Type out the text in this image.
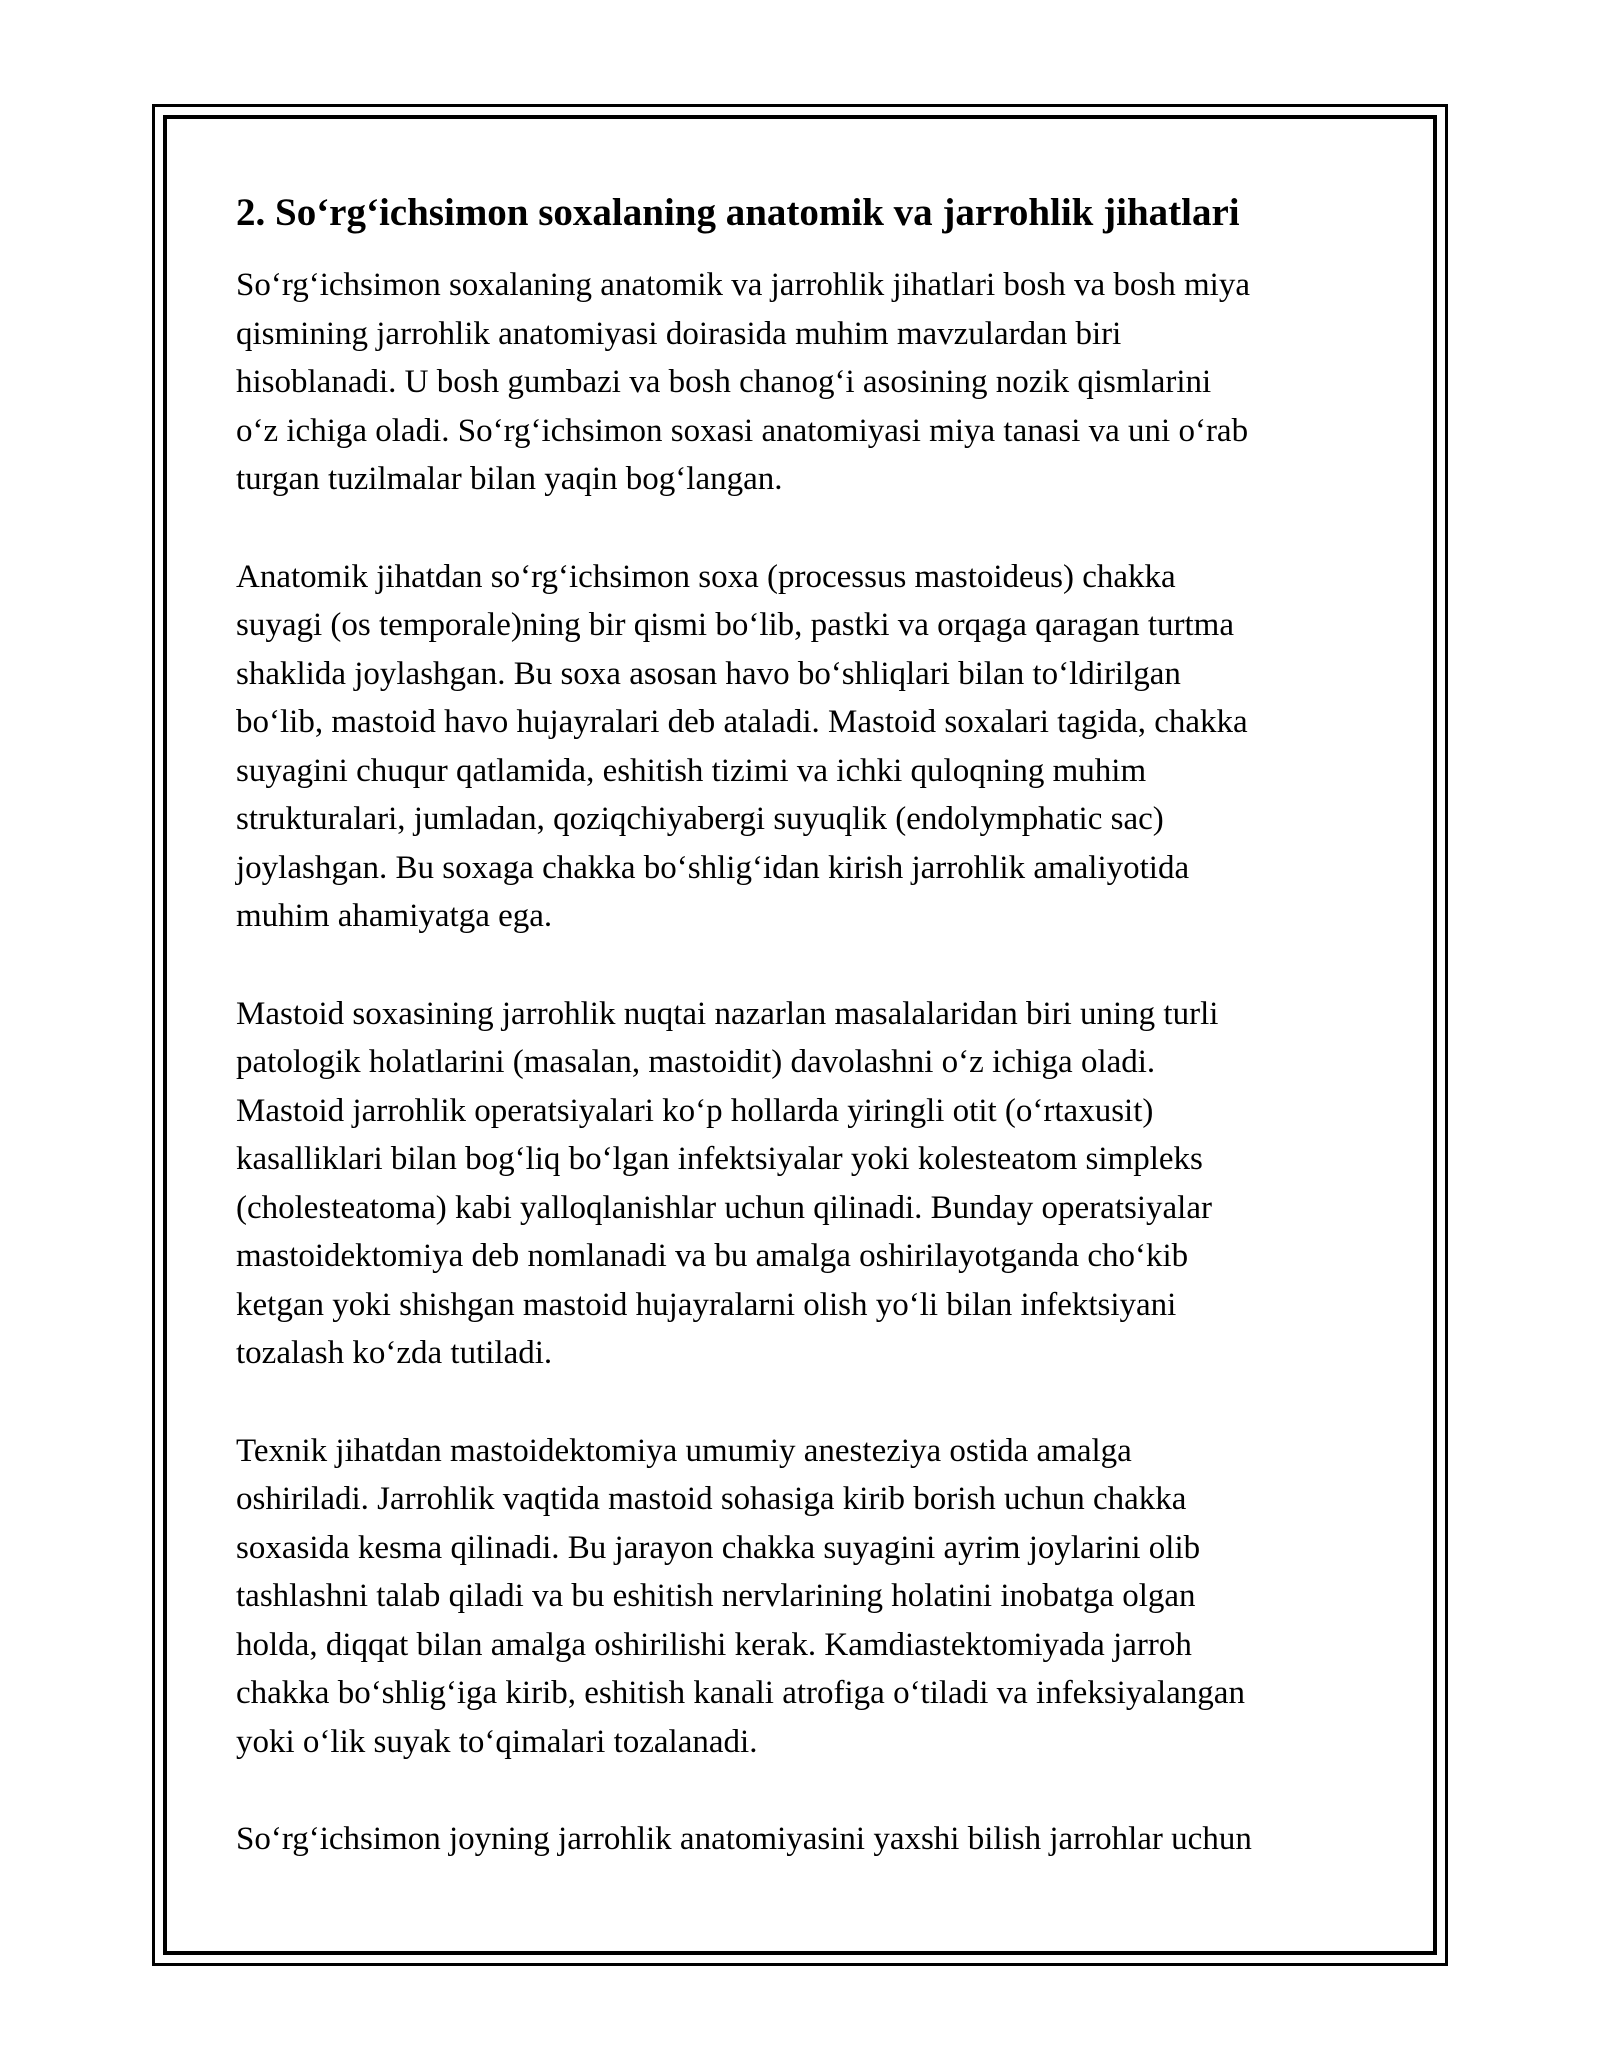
2. So‘rg‘ichsimon soxalaning anatomik va jarrohlik jihatlari
So‘rg‘ichsimon soxalaning anatomik va jarrohlik jihatlari bosh va bosh miya
qismining jarrohlik anatomiyasi doirasida muhim mavzulardan biri
hisoblanadi. U bosh gumbazi va bosh chanog‘i asosining nozik qismlarini
o‘z ichiga oladi. So‘rg‘ichsimon soxasi anatomiyasi miya tanasi va uni o‘rab
turgan tuzilmalar bilan yaqin bog‘langan.
Anatomik jihatdan so‘rg‘ichsimon soxa (processus mastoideus) chakka
suyagi (os temporale)ning bir qismi bo‘lib, pastki va orqaga qaragan turtma
shaklida joylashgan. Bu soxa asosan havo bo‘shliqlari bilan to‘ldirilgan
bo‘lib, mastoid havo hujayralari deb ataladi. Mastoid soxalari tagida, chakka
suyagini chuqur qatlamida, eshitish tizimi va ichki quloqning muhim
strukturalari, jumladan, qoziqchiyabergi suyuqlik (endolymphatic sac)
joylashgan. Bu soxaga chakka bo‘shlig‘idan kirish jarrohlik amaliyotida
muhim ahamiyatga ega.
Mastoid soxasining jarrohlik nuqtai nazarlan masalalaridan biri uning turli
patologik holatlarini (masalan, mastoidit) davolashni o‘z ichiga oladi.
Mastoid jarrohlik operatsiyalari ko‘p hollarda yiringli otit (o‘rtaxusit)
kasalliklari bilan bog‘liq bo‘lgan infektsiyalar yoki kolesteatom simpleks
(cholesteatoma) kabi yalloqlanishlar uchun qilinadi. Bunday operatsiyalar
mastoidektomiya deb nomlanadi va bu amalga oshirilayotganda cho‘kib
ketgan yoki shishgan mastoid hujayralarni olish yo‘li bilan infektsiyani
tozalash ko‘zda tutiladi.
Texnik jihatdan mastoidektomiya umumiy anesteziya ostida amalga
oshiriladi. Jarrohlik vaqtida mastoid sohasiga kirib borish uchun chakka
soxasida kesma qilinadi. Bu jarayon chakka suyagini ayrim joylarini olib
tashlashni talab qiladi va bu eshitish nervlarining holatini inobatga olgan
holda, diqqat bilan amalga oshirilishi kerak. Kamdiastektomiyada jarroh
chakka bo‘shlig‘iga kirib, eshitish kanali atrofiga o‘tiladi va infeksiyalangan
yoki o‘lik suyak to‘qimalari tozalanadi.
So‘rg‘ichsimon joyning jarrohlik anatomiyasini yaxshi bilish jarrohlar uchun
